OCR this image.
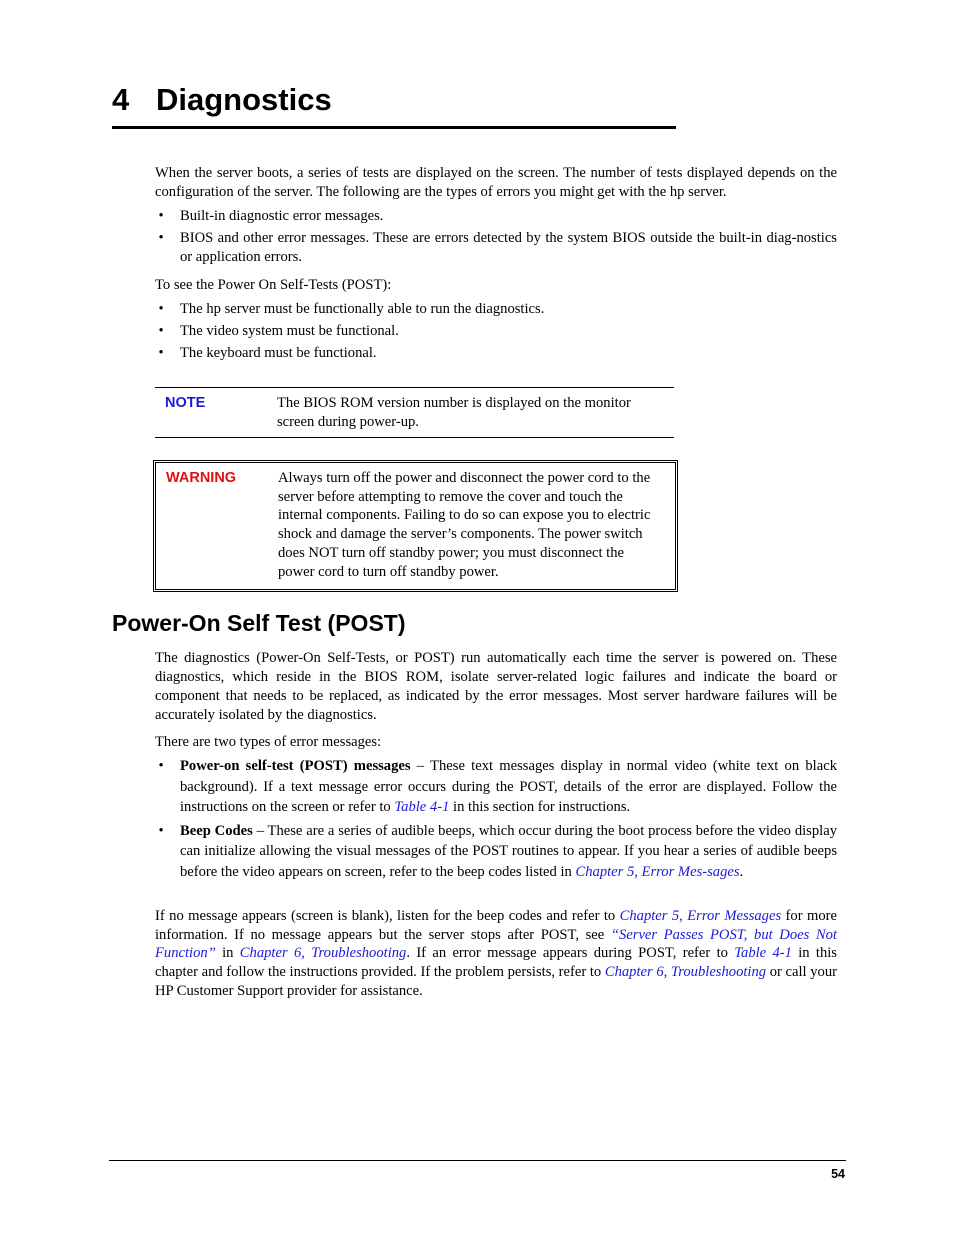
4 Diagnostics

When the server boots, a series of tests are displayed on the screen. The number of tests displayed depends on the configuration of the server. The following are the types of errors you might get with the hp server.

• Built-in diagnostic error messages.
• BIOS and other error messages. These are errors detected by the system BIOS outside the built-in diag-nostics or application errors.

To see the Power On Self-Tests (POST):

• The hp server must be functionally able to run the diagnostics.
• The video system must be functional.
• The keyboard must be functional.
NOTE	The BIOS ROM version number is displayed on the monitor screen during power-up.
WARNING	Always turn off the power and disconnect the power cord to the server before attempting to remove the cover and touch the internal components. Failing to do so can expose you to electric shock and damage the server’s components. The power switch does NOT turn off standby power; you must disconnect the power cord to turn off standby power.
Power-On Self Test (POST)

The diagnostics (Power-On Self-Tests, or POST) run automatically each time the server is powered on. These diagnostics, which reside in the BIOS ROM, isolate server-related logic failures and indicate the board or component that needs to be replaced, as indicated by the error messages. Most server hardware failures will be accurately isolated by the diagnostics.

There are two types of error messages:

• Power-on self-test (POST) messages – These text messages display in normal video (white text on black background). If a text message error occurs during the POST, details of the error are displayed. Follow the instructions on the screen or refer to Table 4-1 in this section for instructions.
• Beep Codes – These are a series of audible beeps, which occur during the boot process before the video display can initialize allowing the visual messages of the POST routines to appear. If you hear a series of audible beeps before the video appears on screen, refer to the beep codes listed in Chapter 5, Error Mes-sages.

If no message appears (screen is blank), listen for the beep codes and refer to Chapter 5, Error Messages for more information. If no message appears but the server stops after POST, see “Server Passes POST, but Does Not Function” in Chapter 6, Troubleshooting. If an error message appears during POST, refer to Table 4-1 in this chapter and follow the instructions provided. If the problem persists, refer to Chapter 6, Troubleshooting or call your HP Customer Support provider for assistance.

54
